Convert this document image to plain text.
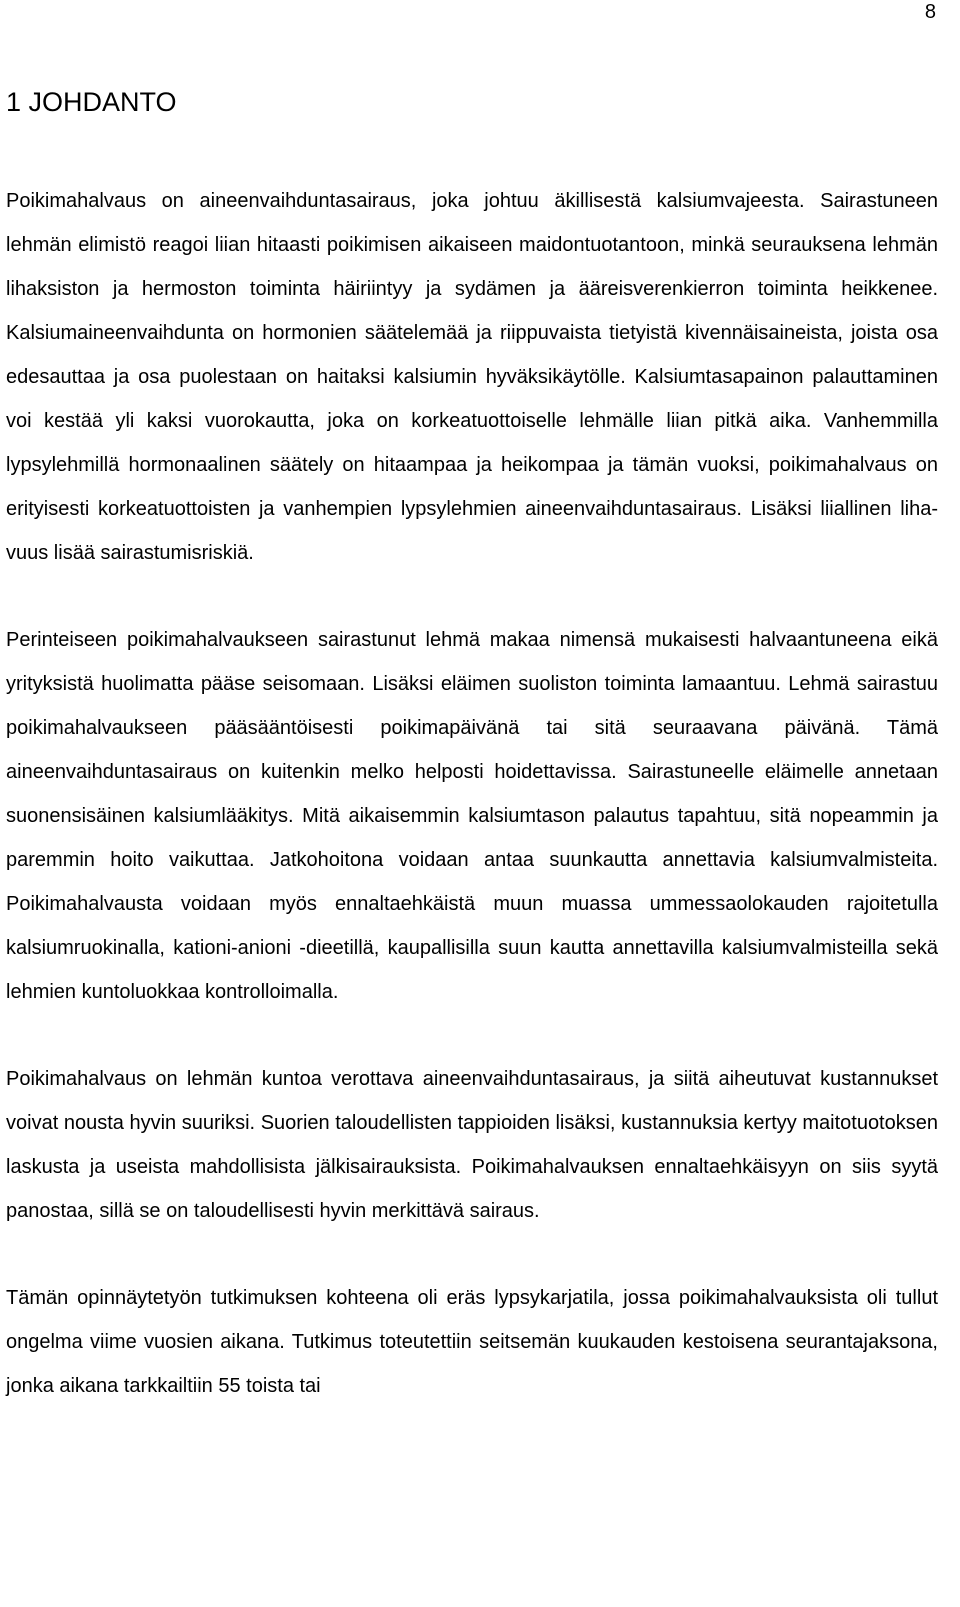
8
1 JOHDANTO

Poikimahalvaus on aineenvaihduntasairaus, joka johtuu äkillisestä kalsiumvajeesta. Sairastuneen lehmän elimistö reagoi liian hitaasti poikimisen aikaiseen maidontuotantoon, minkä seurauksena lehmän lihaksiston ja hermoston toiminta häiriintyy ja sydämen ja ääreisverenkierron toiminta heikkenee. Kalsiumaineenvaihdunta on hormonien säätelemää ja riippuvaista tietyistä kivennäisaineista, joista osa edesauttaa ja osa puolestaan on haitaksi kalsiumin hyväksikäytölle. Kalsiumtasapainon palauttaminen voi kestää yli kaksi vuorokautta, joka on korkeatuottoiselle lehmälle liian pitkä aika. Vanhemmilla lypsylehmillä hormonaalinen säätely on hitaampaa ja heikompaa ja tämän vuoksi, poikimahalvaus on erityisesti korkeatuottoisten ja vanhempien lypsylehmien aineenvaihduntasairaus. Lisäksi liiallinen lihavuus lisää sairastumisriskiä.

Perinteiseen poikimahalvaukseen sairastunut lehmä makaa nimensä mukaisesti halvaantuneena eikä yrityksistä huolimatta pääse seisomaan. Lisäksi eläimen suoliston toiminta lamaantuu. Lehmä sairastuu poikimahalvaukseen pääsääntöisesti poikimapäivänä tai sitä seuraavana päivänä. Tämä aineenvaihduntasairaus on kuitenkin melko helposti hoidettavissa. Sairastuneelle eläimelle annetaan suonensisäinen kalsiumlääkitys. Mitä aikaisemmin kalsiumtason palautus tapahtuu, sitä nopeammin ja paremmin hoito vaikuttaa. Jatkohoitona voidaan antaa suunkautta annettavia kalsiumvalmisteita. Poikimahalvausta voidaan myös ennaltaehkäistä muun muassa ummessaolokauden rajoitetulla kalsiumruokinalla, kationi-anioni -dieetillä, kaupallisilla suun kautta annettavilla kalsiumvalmisteilla sekä lehmien kuntoluokkaa kontrolloimalla.

Poikimahalvaus on lehmän kuntoa verottava aineenvaihduntasairaus, ja siitä aiheutuvat kustannukset voivat nousta hyvin suuriksi. Suorien taloudellisten tappioiden lisäksi, kustannuksia kertyy maitotuotoksen laskusta ja useista mahdollisista jälkisairauksista. Poikimahalvauksen ennaltaehkäisyyn on siis syytä panostaa, sillä se on taloudellisesti hyvin merkittävä sairaus.

Tämän opinnäytetyön tutkimuksen kohteena oli eräs lypsykarjatila, jossa poikimahalvauksista oli tullut ongelma viime vuosien aikana. Tutkimus toteutettiin seitsemän kuukauden kestoisena seurantajaksona, jonka aikana tarkkailtiin 55 toista tai
